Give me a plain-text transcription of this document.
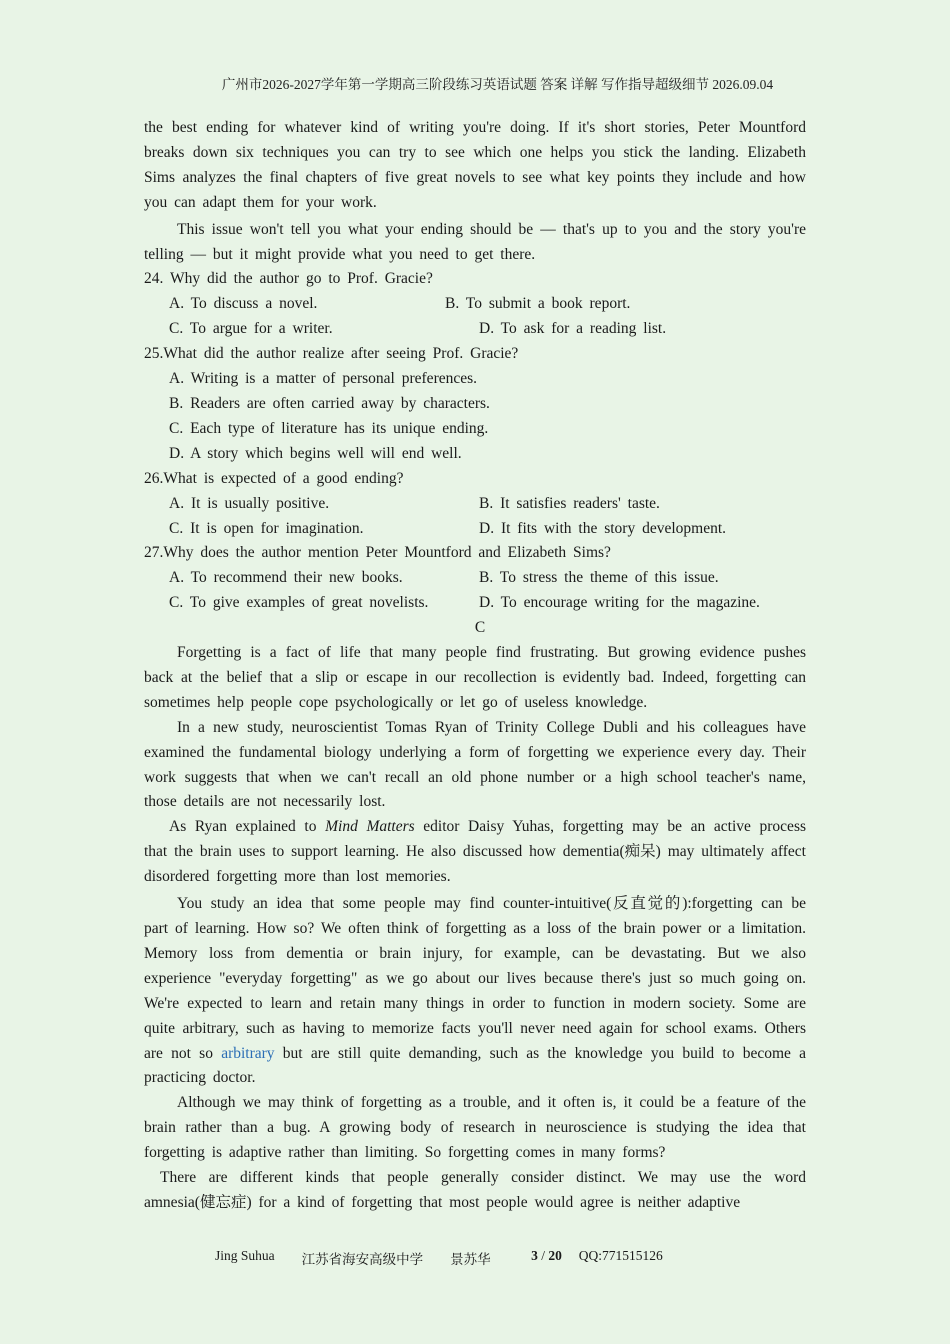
广州市2026-2027学年第一学期高三阶段练习英语试题 答案 详解 写作指导超级细节 2026.09.04

the best ending for whatever kind of writing you're doing. If it's short stories, Peter Mountford breaks down six techniques you can try to see which one helps you stick the landing. Elizabeth Sims analyzes the final chapters of five great novels to see what key points they include and how you can adapt them for your work.

This issue won't tell you what your ending should be — that's up to you and the story you're telling — but it might provide what you need to get there.

24. Why did the author go to Prof. Gracie?

A. To discuss a novel.	B. To submit a book report.
C. To argue for a writer.	D. To ask for a reading list.

25.What did the author realize after seeing Prof. Gracie?

A. Writing is a matter of personal preferences.

B. Readers are often carried away by characters.

C. Each type of literature has its unique ending.

D. A story which begins well will end well.

26.What is expected of a good ending?

A. It is usually positive.	B. It satisfies readers' taste.
C. It is open for imagination.	D. It fits with the story development.

27.Why does the author mention Peter Mountford and Elizabeth Sims?

A. To recommend their new books.	B. To stress the theme of this issue.
C. To give examples of great novelists.	D. To encourage writing for the magazine.

C

Forgetting is a fact of life that many people find frustrating. But growing evidence pushes back at the belief that a slip or escape in our recollection is evidently bad. Indeed, forgetting can sometimes help people cope psychologically or let go of useless knowledge.

In a new study, neuroscientist Tomas Ryan of Trinity College Dubli and his colleagues have examined the fundamental biology underlying a form of forgetting we experience every day. Their work suggests that when we can't recall an old phone number or a high school teacher's name, those details are not necessarily lost.

As Ryan explained to Mind Matters editor Daisy Yuhas, forgetting may be an active process that the brain uses to support learning. He also discussed how dementia(痴呆) may ultimately affect disordered forgetting more than lost memories.

You study an idea that some people may find counter-intuitive(反直觉的):forgetting can be part of learning. How so? We often think of forgetting as a loss of the brain power or a limitation. Memory loss from dementia or brain injury, for example, can be devastating. But we also experience "everyday forgetting" as we go about our lives because there's just so much going on. We're expected to learn and retain many things in order to function in modern society. Some are quite arbitrary, such as having to memorize facts you'll never need again for school exams. Others are not so arbitrary but are still quite demanding, such as the knowledge you build to become a practicing doctor.

Although we may think of forgetting as a trouble, and it often is, it could be a feature of the brain rather than a bug. A growing body of research in neuroscience is studying the idea that forgetting is adaptive rather than limiting. So forgetting comes in many forms?

There are different kinds that people generally consider distinct. We may use the word amnesia(健忘症) for a kind of forgetting that most people would agree is neither adaptive

Jing Suhua
江苏省海安高级中学
景苏华
	3 / 20
QQ:771515126
